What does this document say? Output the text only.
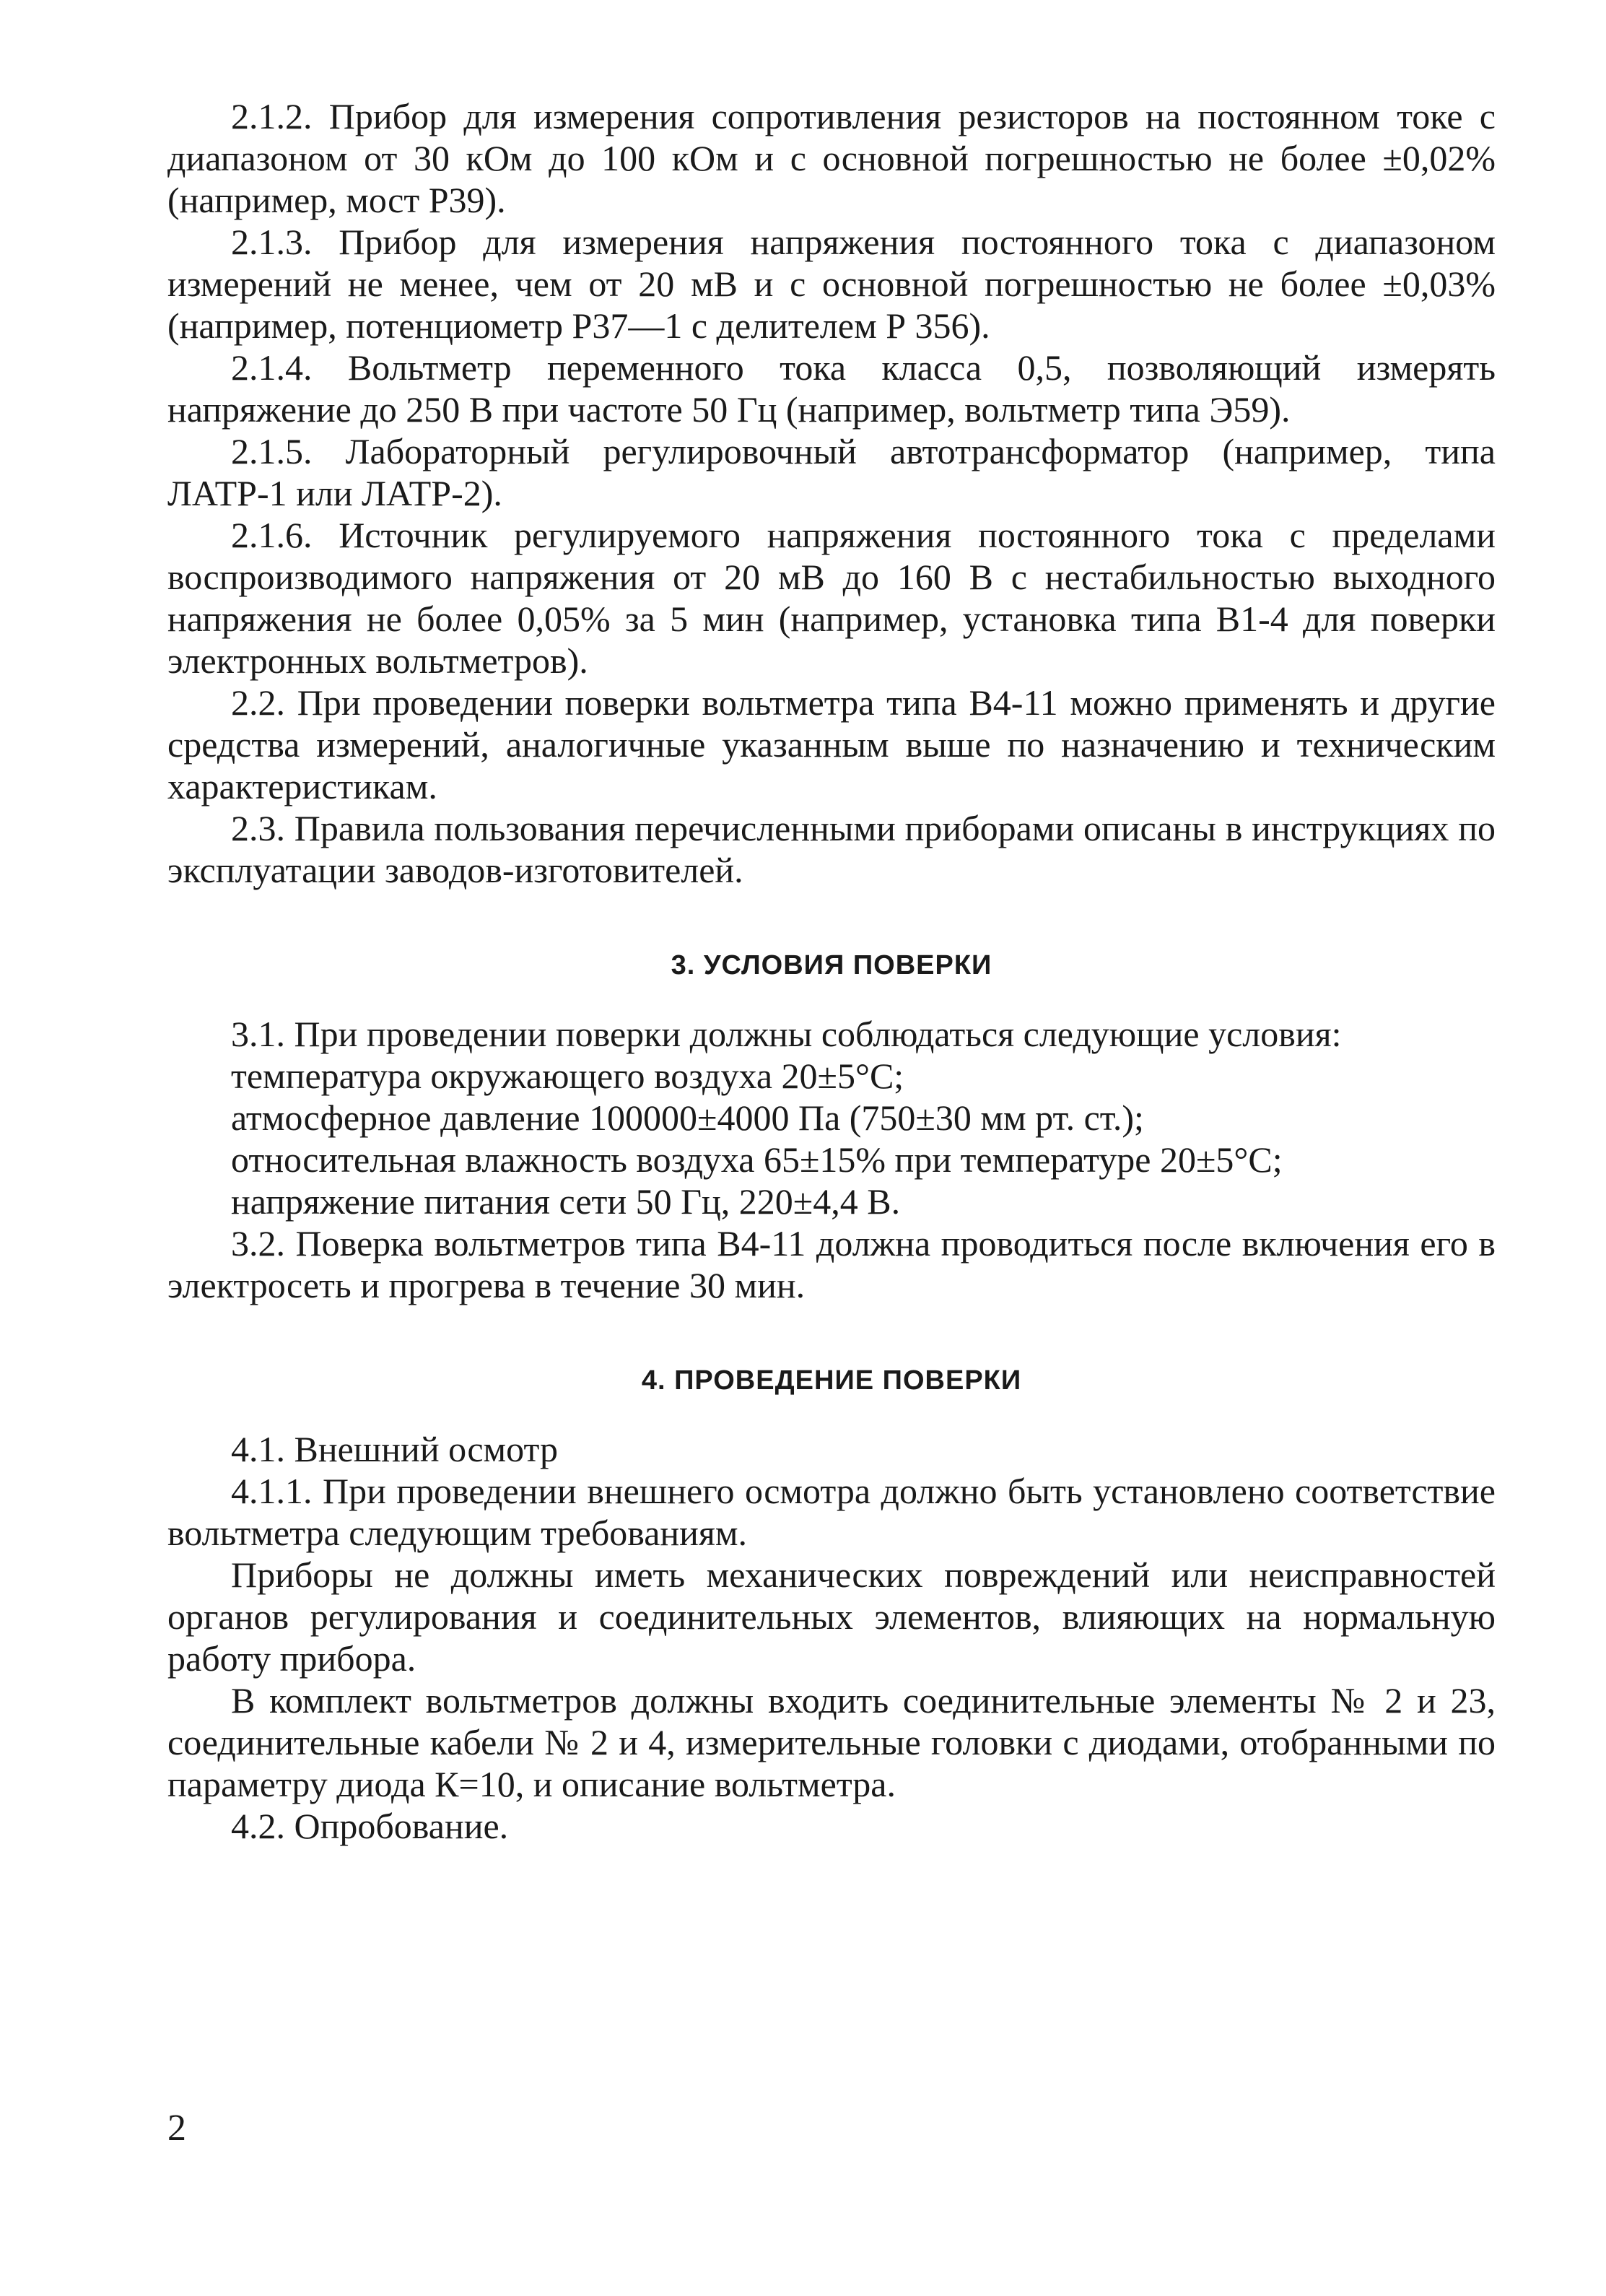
2.1.2. Прибор для измерения сопротивления резисторов на постоянном токе с диапазоном от 30 кОм до 100 кОм и с основной погрешностью не более ±0,02% (например, мост Р39).

2.1.3. Прибор для измерения напряжения постоянного тока с диапазоном измерений не менее, чем от 20 мВ и с основной погрешностью не более ±0,03% (например, потенциометр Р37—1 с делителем Р 356).

2.1.4. Вольтметр переменного тока класса 0,5, позволяющий измерять напряжение до 250 В при частоте 50 Гц (например, вольтметр типа Э59).

2.1.5. Лабораторный регулировочный автотрансформатор (например, типа ЛАТР-1 или ЛАТР-2).

2.1.6. Источник регулируемого напряжения постоянного тока с пределами воспроизводимого напряжения от 20 мВ до 160 В с нестабильностью выходного напряжения не более 0,05% за 5 мин (например, установка типа В1-4 для поверки электронных вольтметров).

2.2. При проведении поверки вольтметра типа В4-11 можно применять и другие средства измерений, аналогичные указанным выше по назначению и техническим характеристикам.

2.3. Правила пользования перечисленными приборами описаны в инструкциях по эксплуатации заводов-изготовителей.

3. УСЛОВИЯ ПОВЕРКИ

3.1. При проведении поверки должны соблюдаться следующие условия:

температура окружающего воздуха 20±5°С;

атмосферное давление 100000±4000 Па (750±30 мм рт. ст.);

относительная влажность воздуха 65±15% при температуре 20±5°С;

напряжение питания сети 50 Гц, 220±4,4 В.

3.2. Поверка вольтметров типа В4-11 должна проводиться после включения его в электросеть и прогрева в течение 30 мин.

4. ПРОВЕДЕНИЕ ПОВЕРКИ

4.1. Внешний осмотр

4.1.1. При проведении внешнего осмотра должно быть установлено соответствие вольтметра следующим требованиям.

Приборы не должны иметь механических повреждений или неисправностей органов регулирования и соединительных элементов, влияющих на нормальную работу прибора.

В комплект вольтметров должны входить соединительные элементы № 2 и 23, соединительные кабели № 2 и 4, измерительные головки с диодами, отобранными по параметру диода К=10, и описание вольтметра.

4.2. Опробование.

2
